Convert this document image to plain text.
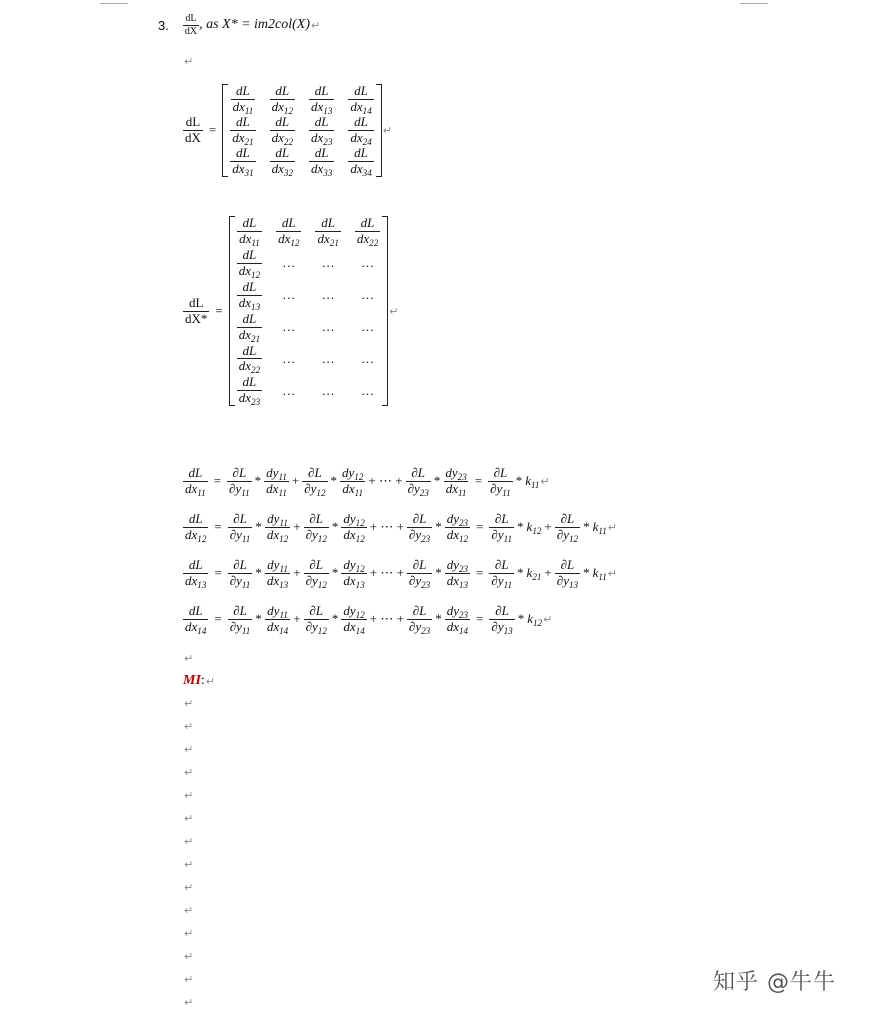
3. $\frac{dL}{dX}$ , as X* = im2col(X) ↵
↵
$\frac{dL}{dX}$ =
$\frac{dL}{dx_{11}} \frac{dL}{dx_{12}} \frac{dL}{dx_{13}} \frac{dL}{dx_{14}}$
$\frac{dL}{dx_{21}} \frac{dL}{dx_{22}} \frac{dL}{dx_{23}} \frac{dL}{dx_{24}}$
$\frac{dL}{dx_{31}} \frac{dL}{dx_{32}} \frac{dL}{dx_{33}} \frac{dL}{dx_{34}}$
↵
$\frac{dL}{dX*}$ =
$\frac{dL}{dx_{11}} \frac{dL}{dx_{12}} \frac{dL}{dx_{21}} \frac{dL}{dx_{22}}$
$\frac{dL}{dx_{12}}$ … … …
$\frac{dL}{dx_{13}}$ … … …
$\frac{dL}{dx_{21}}$ … … …
$\frac{dL}{dx_{22}}$ … … …
$\frac{dL}{dx_{23}}$ … … …
↵
$\frac{dL}{dx_{11}} = \frac{\partial L}{\partial y_{11}} * \frac{dy_{11}}{dx_{11}} + \frac{\partial L}{\partial y_{12}} * \frac{dy_{12}}{dx_{11}}$ + ⋯ + $\frac{\partial L}{\partial y_{23}} * \frac{dy_{23}}{dx_{11}} = \frac{\partial L}{\partial y_{11}} * k_{11}$ ↵
$\frac{dL}{dx_{12}} = \frac{\partial L}{\partial y_{11}} * \frac{dy_{11}}{dx_{12}} + \frac{\partial L}{\partial y_{12}} * \frac{dy_{12}}{dx_{12}}$ + ⋯ + $\frac{\partial L}{\partial y_{23}} * \frac{dy_{23}}{dx_{12}} = \frac{\partial L}{\partial y_{11}} * k_{12} + \frac{\partial L}{\partial y_{12}} * k_{11}$ ↵
$\frac{dL}{dx_{13}} = \frac{\partial L}{\partial y_{11}} * \frac{dy_{11}}{dx_{13}} + \frac{\partial L}{\partial y_{12}} * \frac{dy_{12}}{dx_{13}}$ + ⋯ + $\frac{\partial L}{\partial y_{23}} * \frac{dy_{23}}{dx_{13}} = \frac{\partial L}{\partial y_{11}} * k_{21} + \frac{\partial L}{\partial y_{13}} * k_{11}$ ↵
$\frac{dL}{dx_{14}} = \frac{\partial L}{\partial y_{11}} * \frac{dy_{11}}{dx_{14}} + \frac{\partial L}{\partial y_{12}} * \frac{dy_{12}}{dx_{14}}$ + ⋯ + $\frac{\partial L}{\partial y_{23}} * \frac{dy_{23}}{dx_{14}} = \frac{\partial L}{\partial y_{13}} * k_{12}$ ↵
↵
MI : ↵
↵
↵
↵
↵
↵
↵
↵
↵
↵
↵
↵
↵
↵
↵
知乎 @牛牛
